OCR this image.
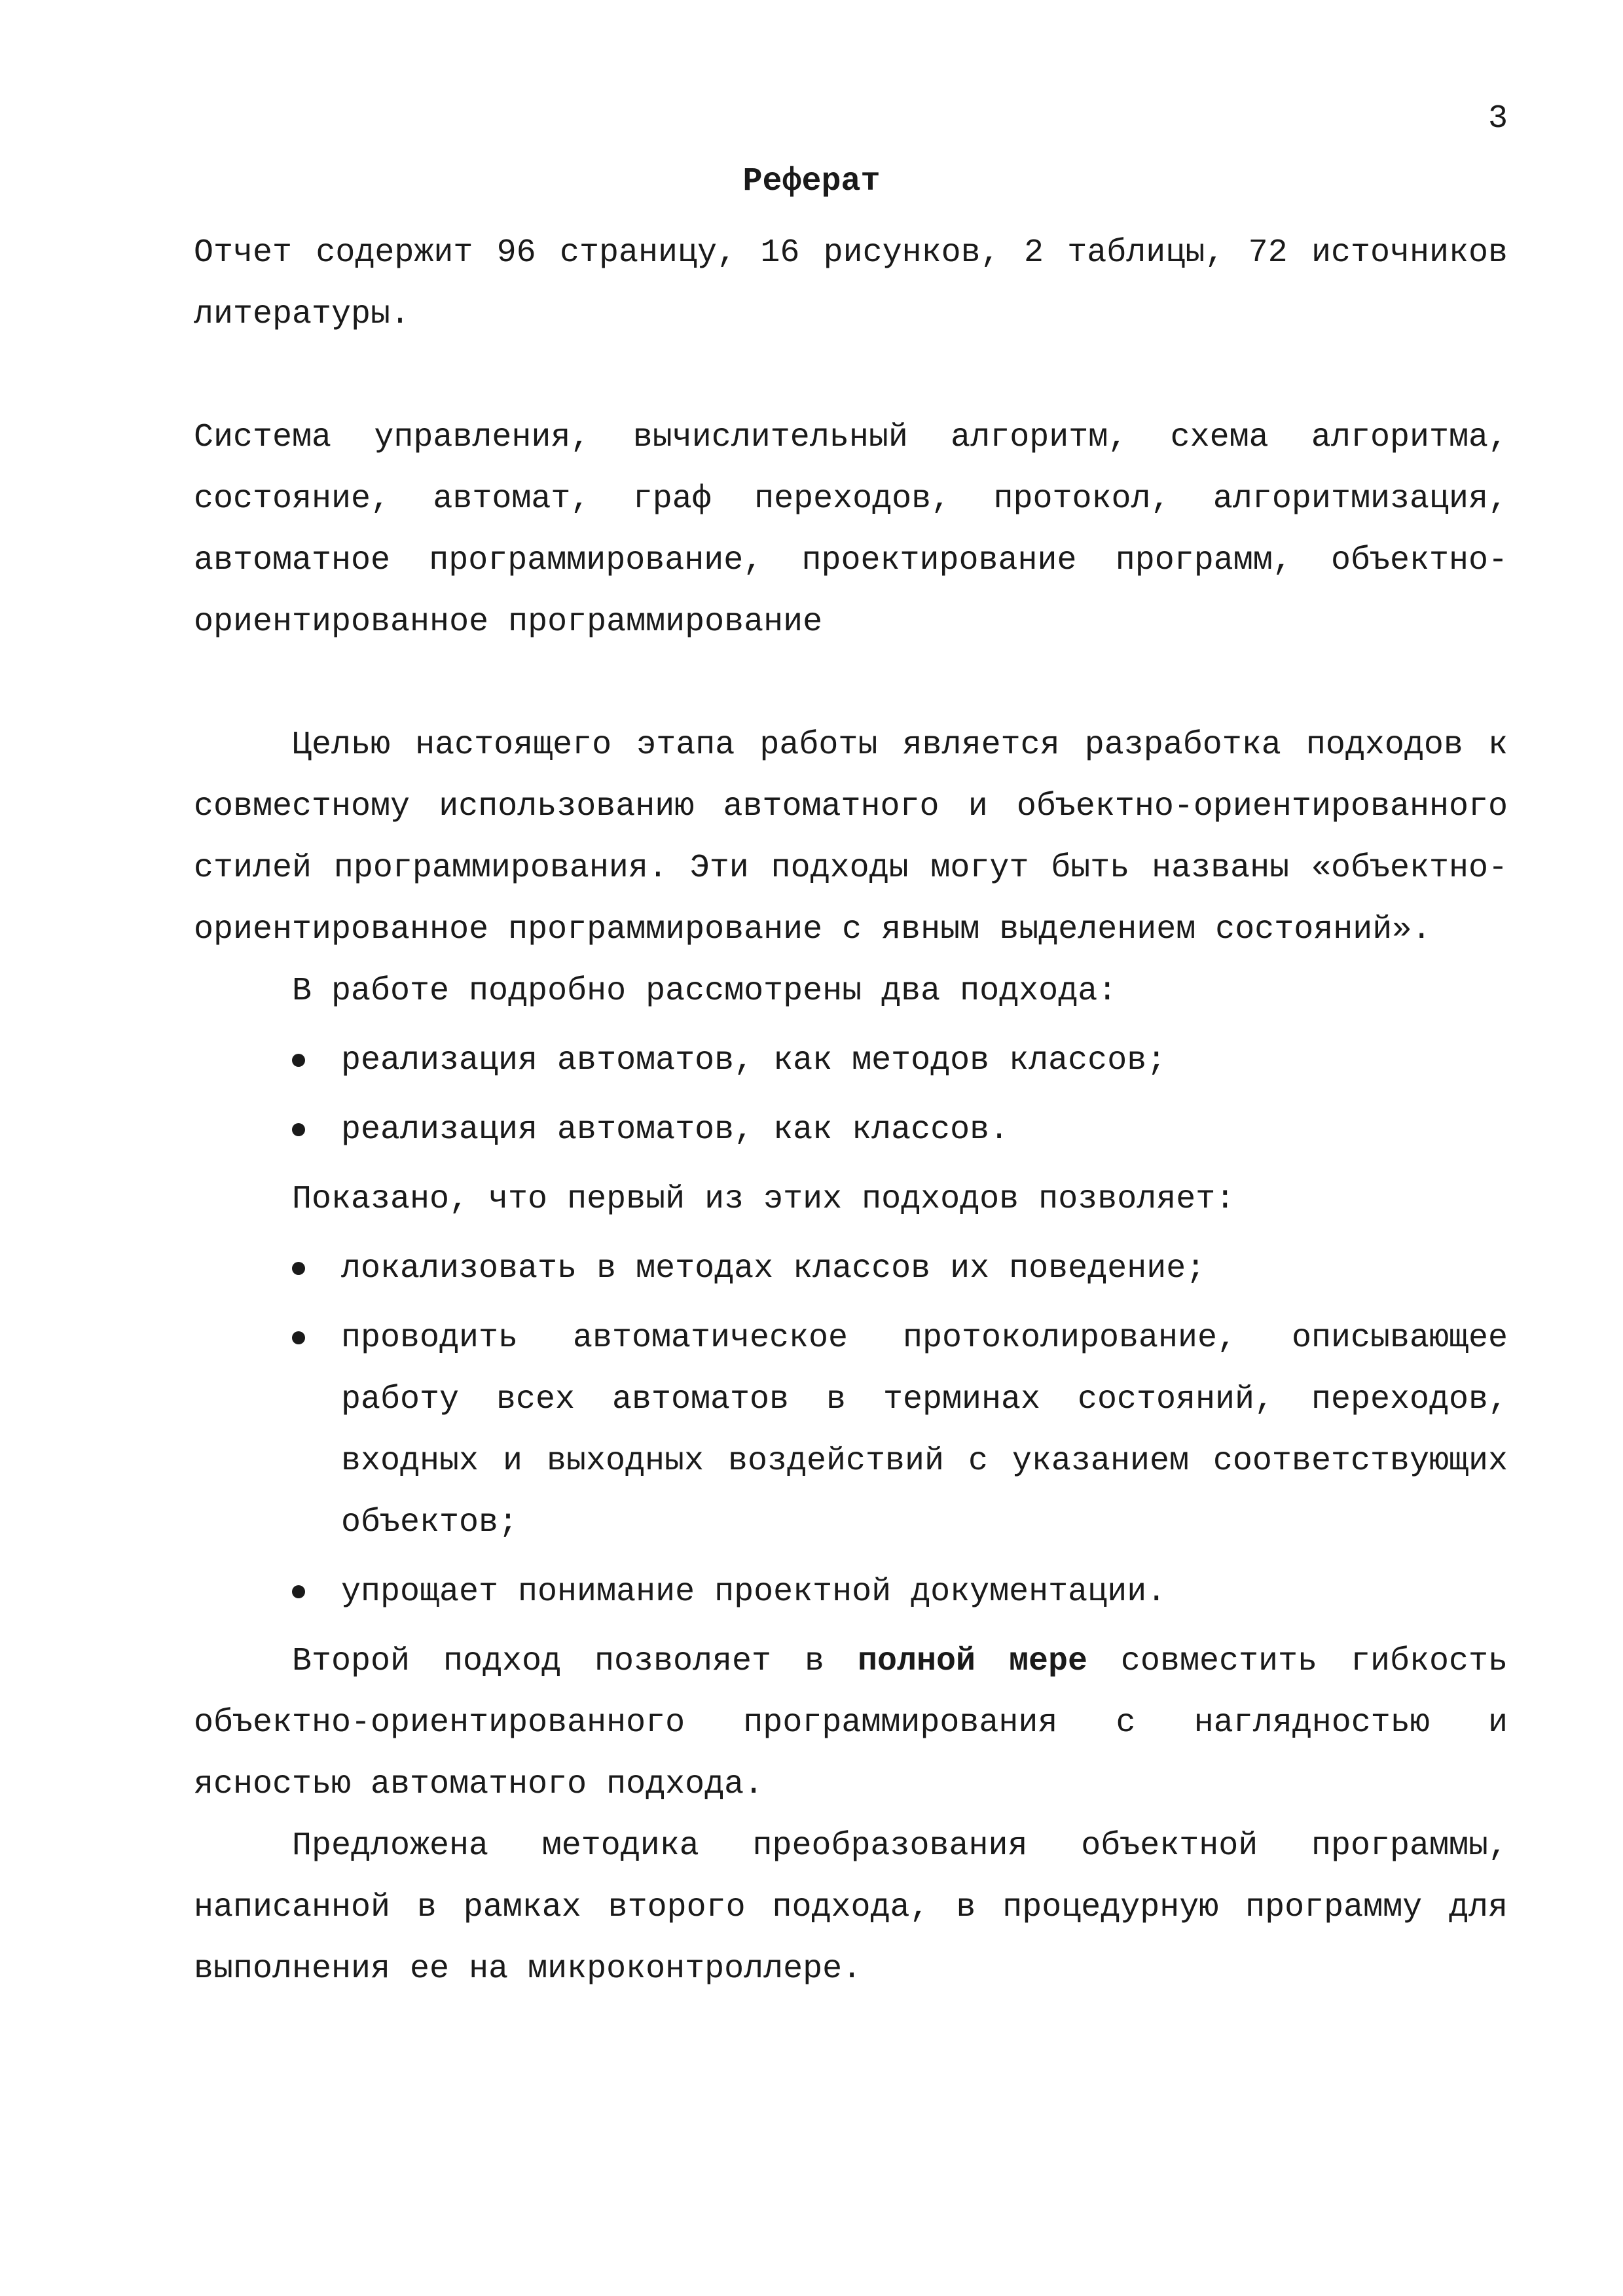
3
Реферат

Отчет содержит 96 страницу, 16 рисунков, 2 таблицы, 72 источников литературы.

Система управления, вычислительный алгоритм, схема алгоритма, состояние, автомат, граф переходов, протокол, алгоритмизация, автоматное программирование, проектирование программ, объектно-ориентированное программирование

Целью настоящего этапа работы является разработка подходов к совместному использованию автоматного и объектно-ориентированного стилей программирования. Эти подходы могут быть названы «объектно-ориентированное программирование с явным выделением состояний».

В работе подробно рассмотрены два подхода:

реализация автоматов, как методов классов;
реализация автоматов, как классов.

Показано, что первый из этих подходов позволяет:

локализовать в методах классов их поведение;
проводить автоматическое протоколирование, описывающее работу всех автоматов в терминах состояний, переходов, входных и выходных воздействий с указанием соответствующих объектов;
упрощает понимание проектной документации.

Второй подход позволяет в полной мере совместить гибкость объектно-ориентированного программирования с наглядностью и ясностью автоматного подхода.

Предложена методика преобразования объектной программы, написанной в рамках второго подхода, в процедурную программу для выполнения ее на микроконтроллере.
